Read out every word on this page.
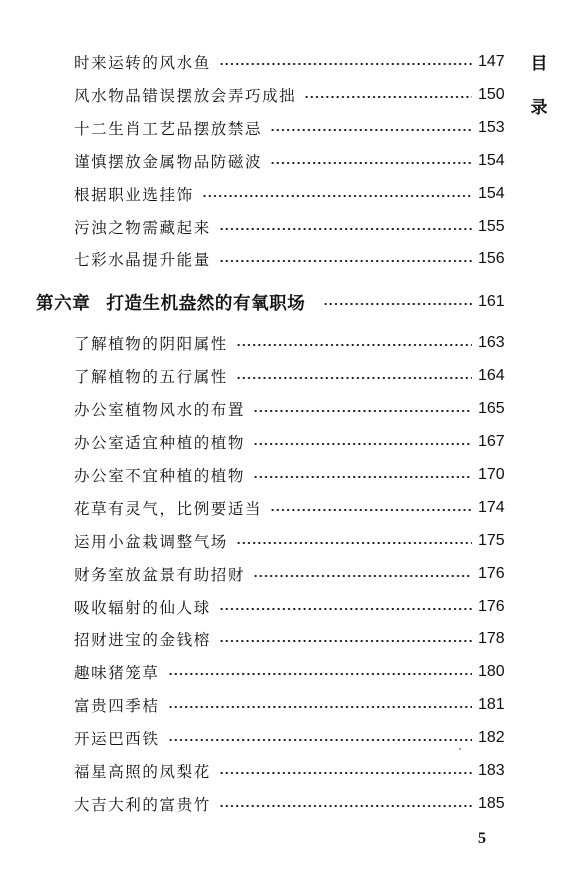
目
录
时来运转的风水鱼	147
风水物品错误摆放会弄巧成拙	150
十二生肖工艺品摆放禁忌	153
谨慎摆放金属物品防磁波	154
根据职业选挂饰	154
污浊之物需藏起来	155
七彩水晶提升能量	156
第六章 打造生机盎然的有氧职场	161
了解植物的阴阳属性	163
了解植物的五行属性	164
办公室植物风水的布置	165
办公室适宜种植的植物	167
办公室不宜种植的植物	170
花草有灵气，比例要适当	174
运用小盆栽调整气场	175
财务室放盆景有助招财	176
吸收辐射的仙人球	176
招财进宝的金钱榕	178
趣味猪笼草	180
富贵四季桔	181
开运巴西铁	182
福星高照的凤梨花	183
大吉大利的富贵竹	185
5
